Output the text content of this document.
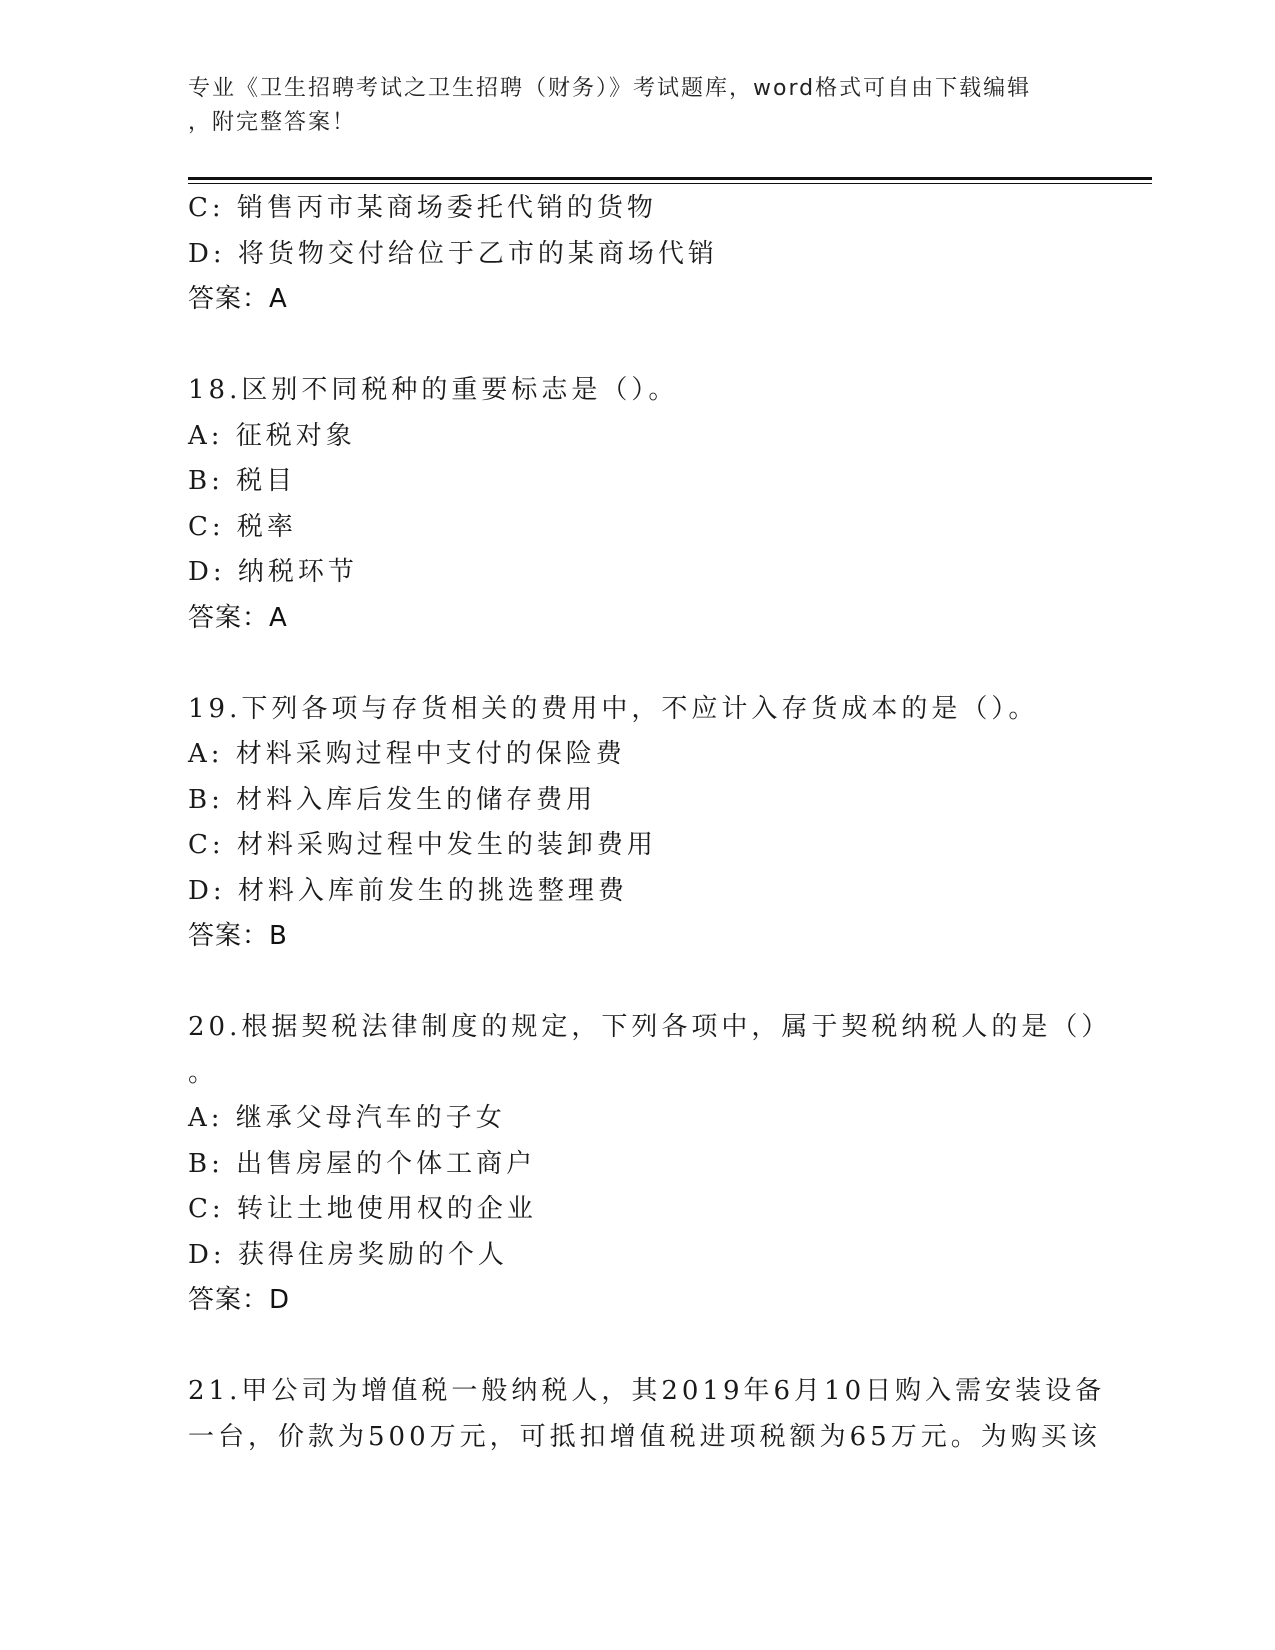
专业《卫生招聘考试之卫生招聘（财务）》考试题库，word格式可自由下载编辑
，附完整答案！
C: 销售丙市某商场委托代销的货物
D: 将货物交付给位于乙市的某商场代销
答案：A
18.区别不同税种的重要标志是（）。
A: 征税对象
B: 税目
C: 税率
D: 纳税环节
答案：A
19.下列各项与存货相关的费用中，不应计入存货成本的是（）。
A: 材料采购过程中支付的保险费
B: 材料入库后发生的储存费用
C: 材料采购过程中发生的装卸费用
D: 材料入库前发生的挑选整理费
答案：B
20.根据契税法律制度的规定，下列各项中，属于契税纳税人的是（）
。
A: 继承父母汽车的子女
B: 出售房屋的个体工商户
C: 转让土地使用权的企业
D: 获得住房奖励的个人
答案：D
21.甲公司为增值税一般纳税人，其2019年6月10日购入需安装设备
一台，价款为500万元，可抵扣增值税进项税额为65万元。为购买该
